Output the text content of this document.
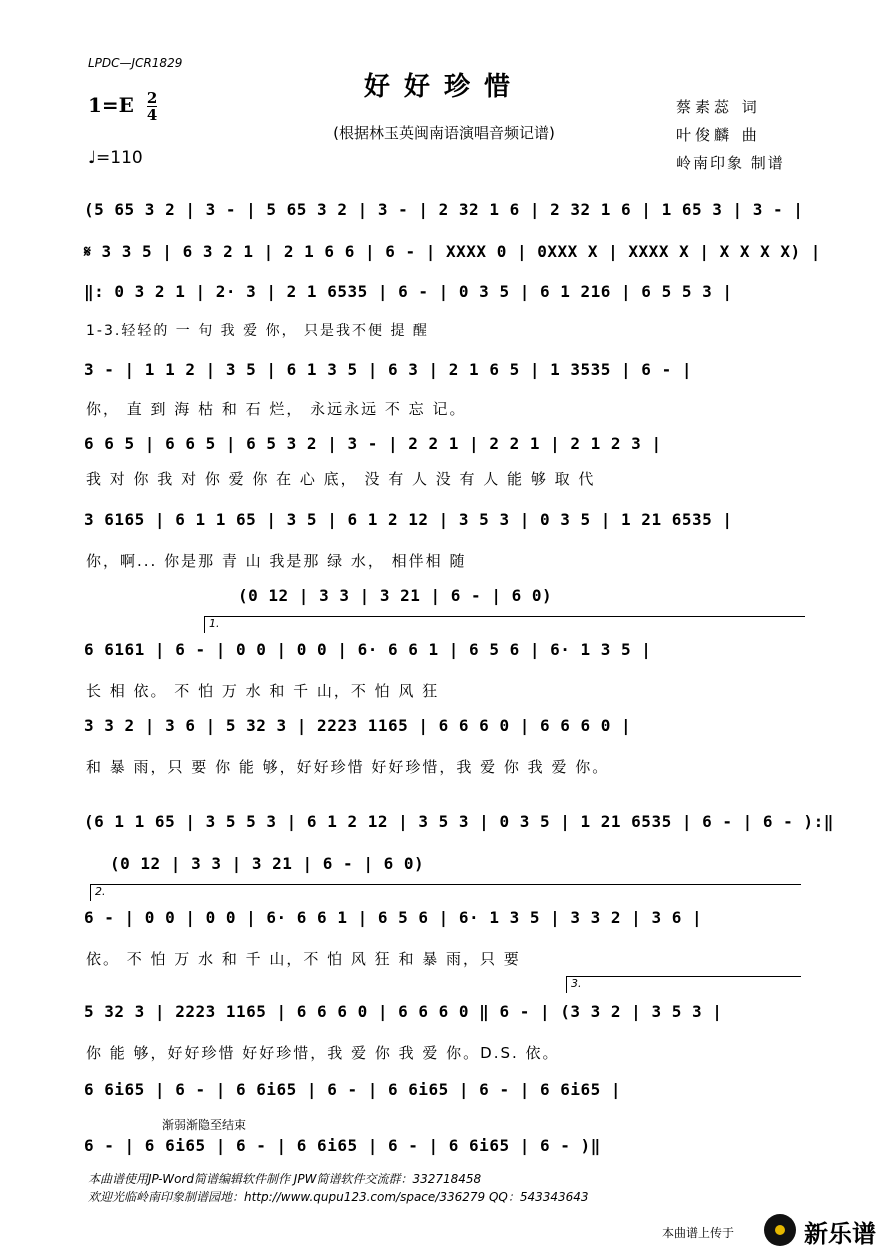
LPDC—JCR1829
好好珍惜
(根据林玉英闽南语演唱音频记谱)
$1=E \frac{2}{4}$
♩=110
蔡素蕊 词
叶俊麟 曲
岭南印象 制谱
(5 65 3 2 | 3 - | 5 65 3 2 | 3 - | 2 32 1 6 | 2 32 1 6 | 1 65 3 | 3 - |
𝄋 3 3 5 | 6 3 2 1 | 2 1 6 6 | 6 - | XXXX 0 | 0XXX X | XXXX X | X X X X) |
‖: 0 3 2 1 | 2· 3 | 2 1 6535 | 6 - | 0 3 5 | 6 1 216 | 6 5 5 3 |
1-3.轻轻的 一 句 我 爱 你， 只是我不便 提 醒
3 - | 1 1 2 | 3 5 | 6 1 3 5 | 6 3 | 2 1 6 5 | 1 3535 | 6 - |
你， 直 到 海 枯 和 石 烂， 永远永远 不 忘 记。
6 6 5 | 6 6 5 | 6 5 3 2 | 3 - | 2 2 1 | 2 2 1 | 2 1 2 3 |
我 对 你 我 对 你 爱 你 在 心 底， 没 有 人 没 有 人 能 够 取 代
3 6165 | 6 1 1 65 | 3 5 | 6 1 2 12 | 3 5 3 | 0 3 5 | 1 21 6535 |
你，啊... 你是那 青 山 我是那 绿 水， 相伴相 随
(0 12 | 3 3 | 3 21 | 6 - | 6 0)
1.
6 6161 | 6 - | 0 0 | 0 0 | 6· 6 6 1 | 6 5 6 | 6· 1 3 5 |
长 相 依。 不 怕 万 水 和 千 山，不 怕 风 狂
3 3 2 | 3 6 | 5 32 3 | 2223 1165 | 6 6 6 0 | 6 6 6 0 |
和 暴 雨，只 要 你 能 够，好好珍惜 好好珍惜，我 爱 你 我 爱 你。
(6 1 1 65 | 3 5 5 3 | 6 1 2 12 | 3 5 3 | 0 3 5 | 1 21 6535 | 6 - | 6 - ):‖
(0 12 | 3 3 | 3 21 | 6 - | 6 0)
2.
6 - | 0 0 | 0 0 | 6· 6 6 1 | 6 5 6 | 6· 1 3 5 | 3 3 2 | 3 6 |
依。 不 怕 万 水 和 千 山，不 怕 风 狂 和 暴 雨，只 要
3.
5 32 3 | 2223 1165 | 6 6 6 0 | 6 6 6 0 ‖ 6 - | (3 3 2 | 3 5 3 |
你 能 够，好好珍惜 好好珍惜，我 爱 你 我 爱 你。D.S. 依。
6 6i65 | 6 - | 6 6i65 | 6 - | 6 6i65 | 6 - | 6 6i65 |
渐弱渐隐至结束
6 - | 6 6i65 | 6 - | 6 6i65 | 6 - | 6 6i65 | 6 - )‖
本曲谱使用JP-Word简谱编辑软件制作 JPW简谱软件交流群：332718458
欢迎光临岭南印象制谱园地：http://www.qupu123.com/space/336279 QQ：543343643
本曲谱上传于	新乐谱
